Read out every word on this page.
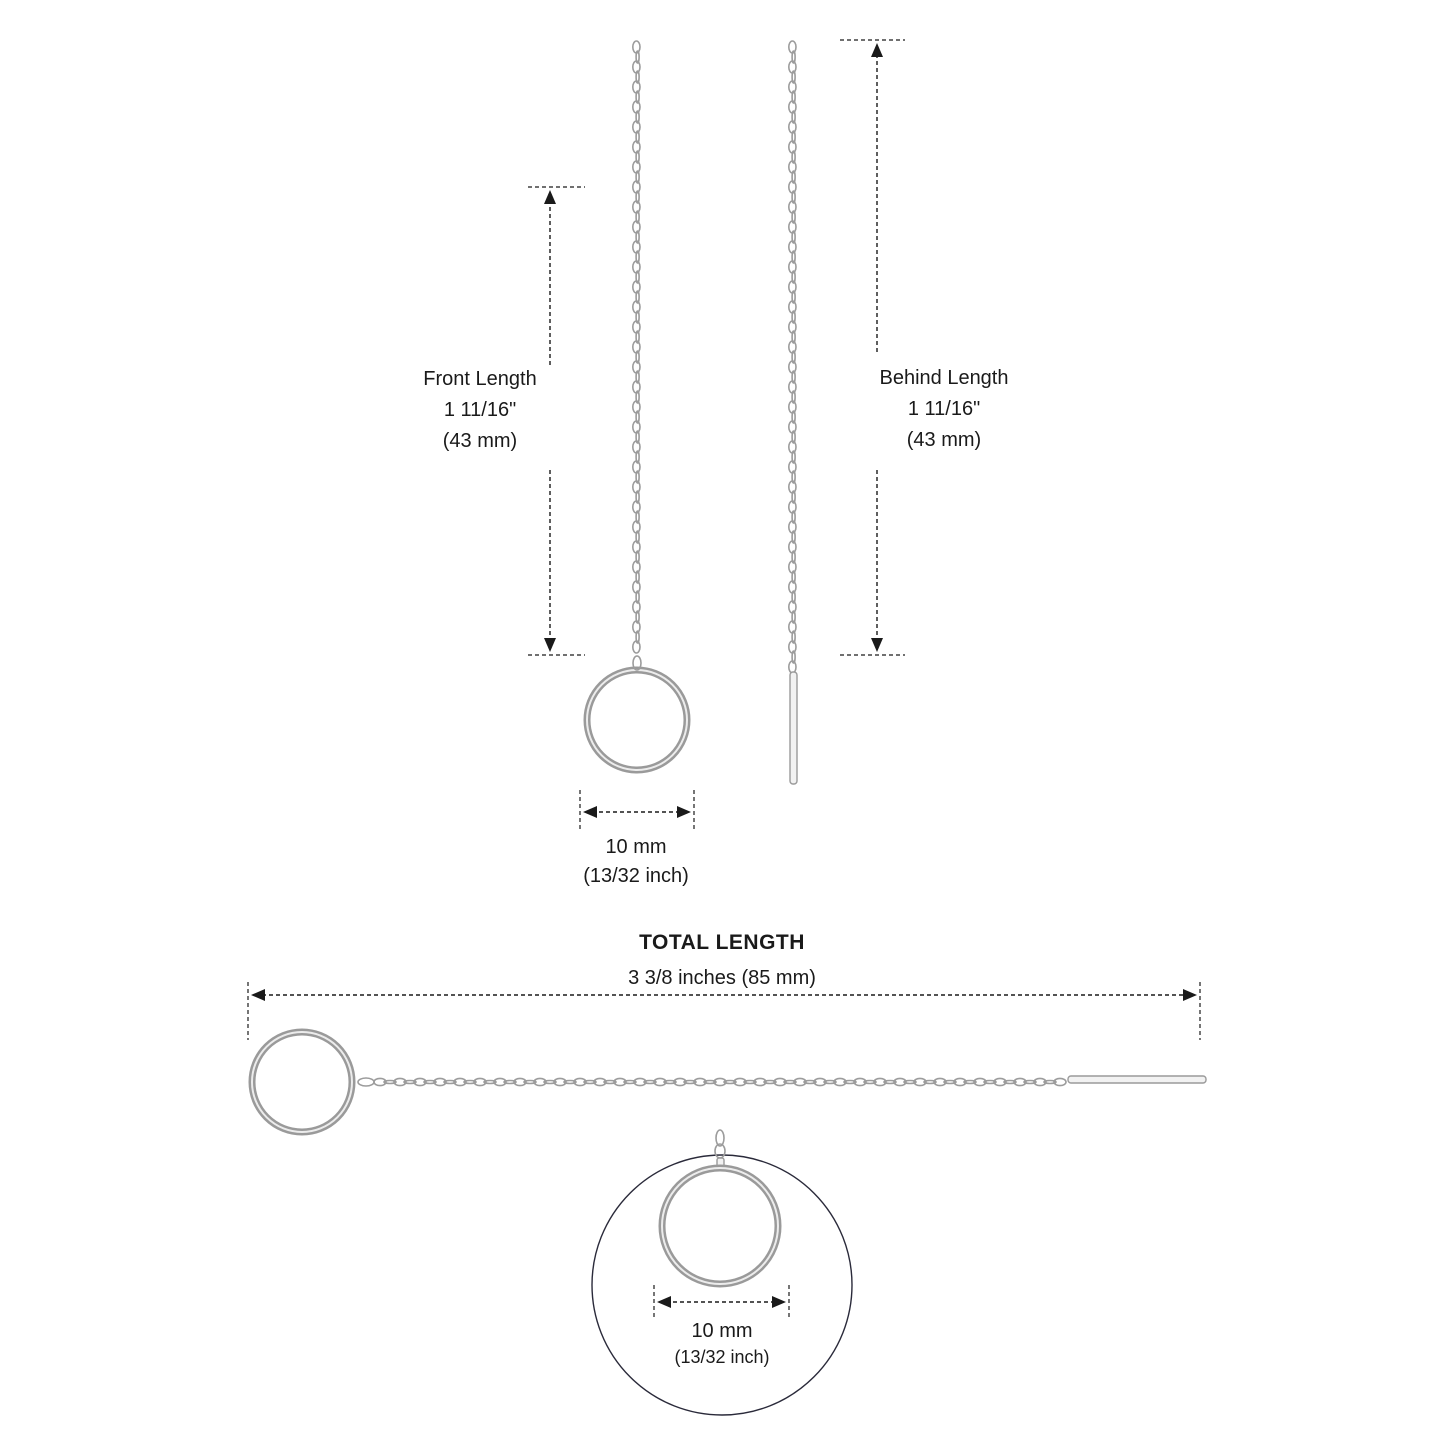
Front Length
1 11/16"
(43 mm)
Behind Length
1 11/16"
(43 mm)
10 mm
(13/32 inch)
TOTAL LENGTH
3 3/8 inches (85 mm)
10 mm
(13/32 inch)
